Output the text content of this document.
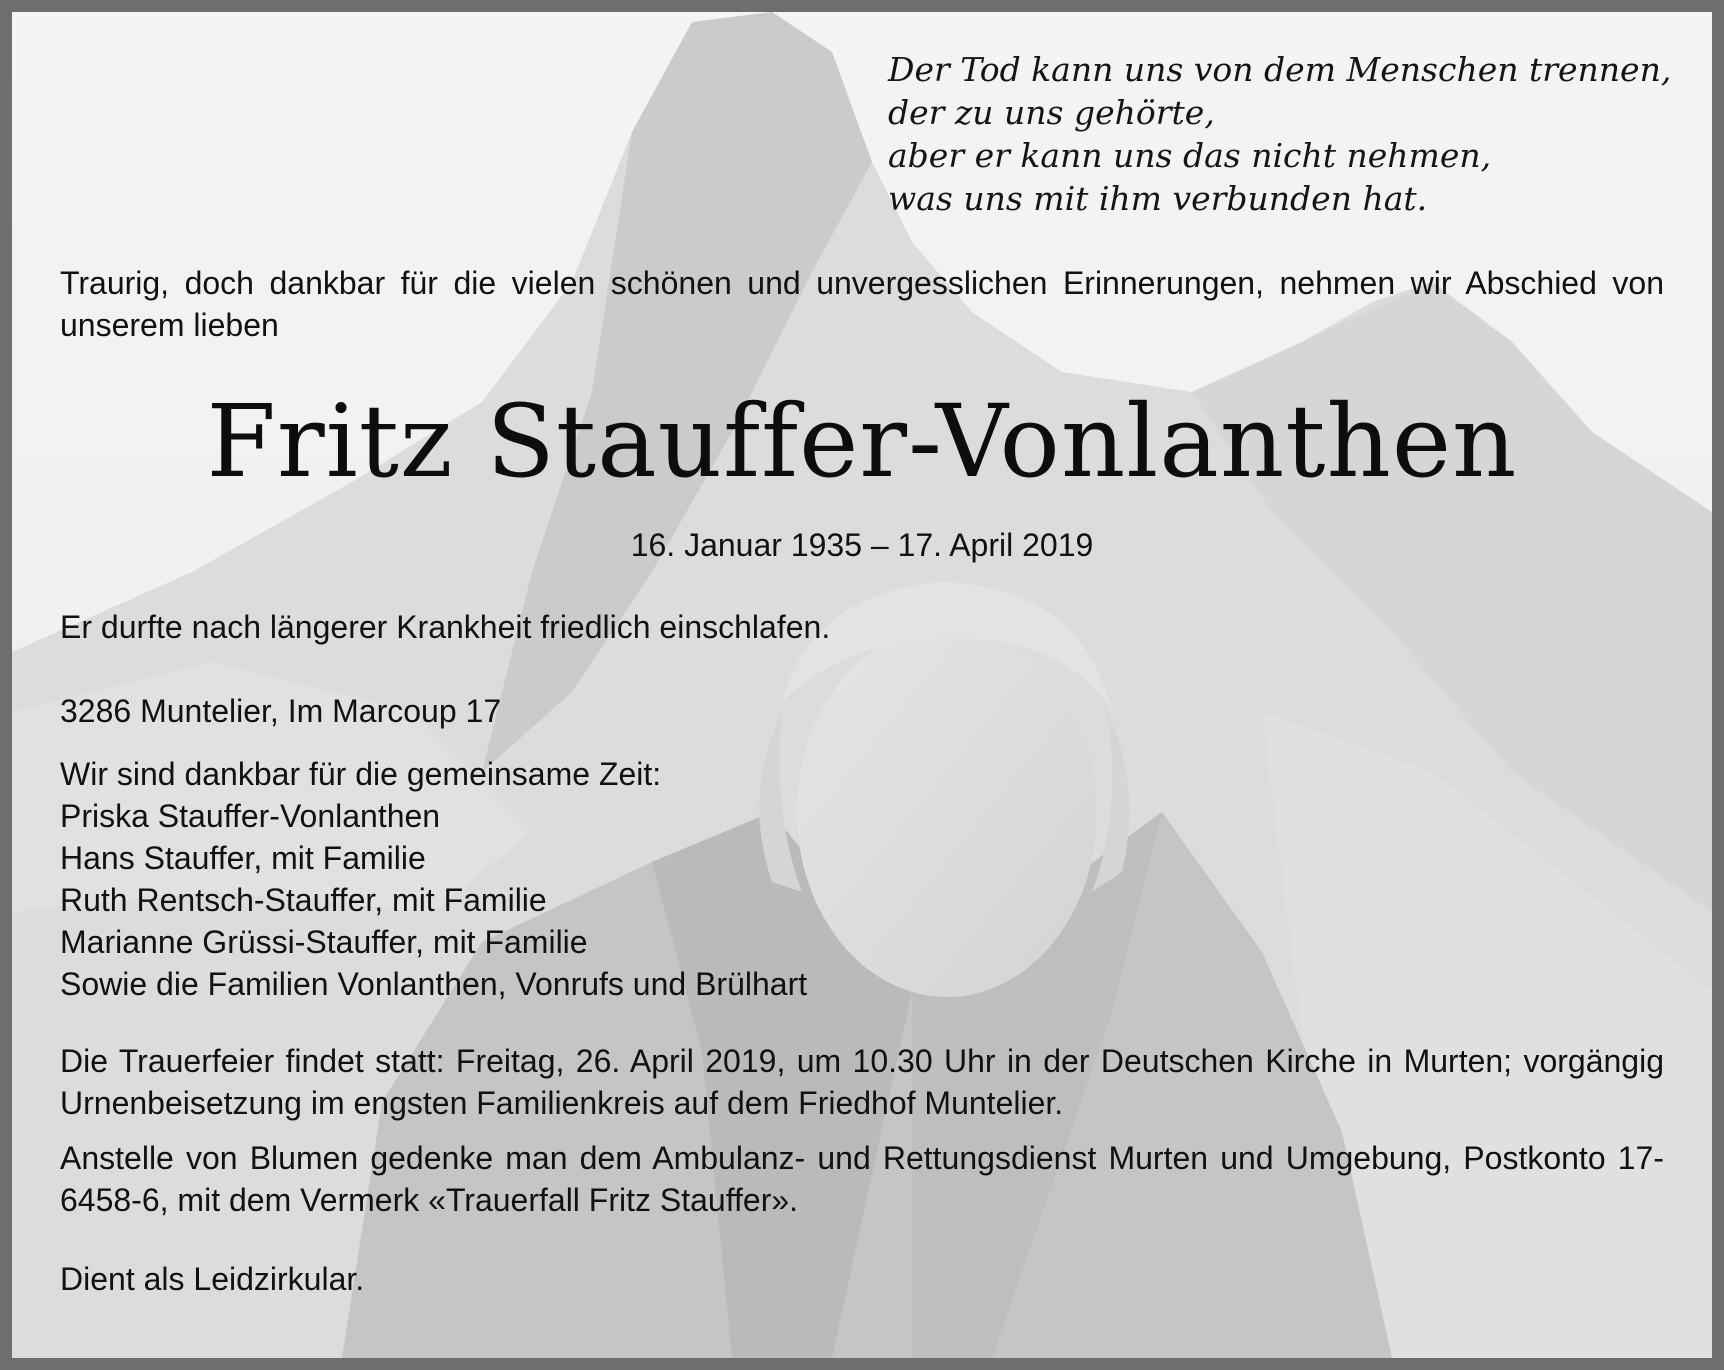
Der Tod kann uns von dem Menschen trennen,
der zu uns gehörte,
aber er kann uns das nicht nehmen,
was uns mit ihm verbunden hat.
Traurig, doch dankbar für die vielen schönen und unvergesslichen Erinnerungen, nehmen wir Abschied von unserem lieben
Fritz Stauffer-Vonlanthen
16. Januar 1935 – 17. April 2019
Er durfte nach längerer Krankheit friedlich einschlafen.
3286 Muntelier, Im Marcoup 17
Wir sind dankbar für die gemeinsame Zeit:
Priska Stauffer-Vonlanthen
Hans Stauffer, mit Familie
Ruth Rentsch-Stauffer, mit Familie
Marianne Grüssi-Stauffer, mit Familie
Sowie die Familien Vonlanthen, Vonrufs und Brülhart
Die Trauerfeier findet statt: Freitag, 26. April 2019, um 10.30 Uhr in der Deutschen Kirche in Murten; vorgängig Urnenbeisetzung im engsten Familienkreis auf dem Friedhof Muntelier.
Anstelle von Blumen gedenke man dem Ambulanz- und Rettungsdienst Murten und Umgebung, Postkonto 17-6458-6, mit dem Vermerk «Trauerfall Fritz Stauffer».
Dient als Leidzirkular.
